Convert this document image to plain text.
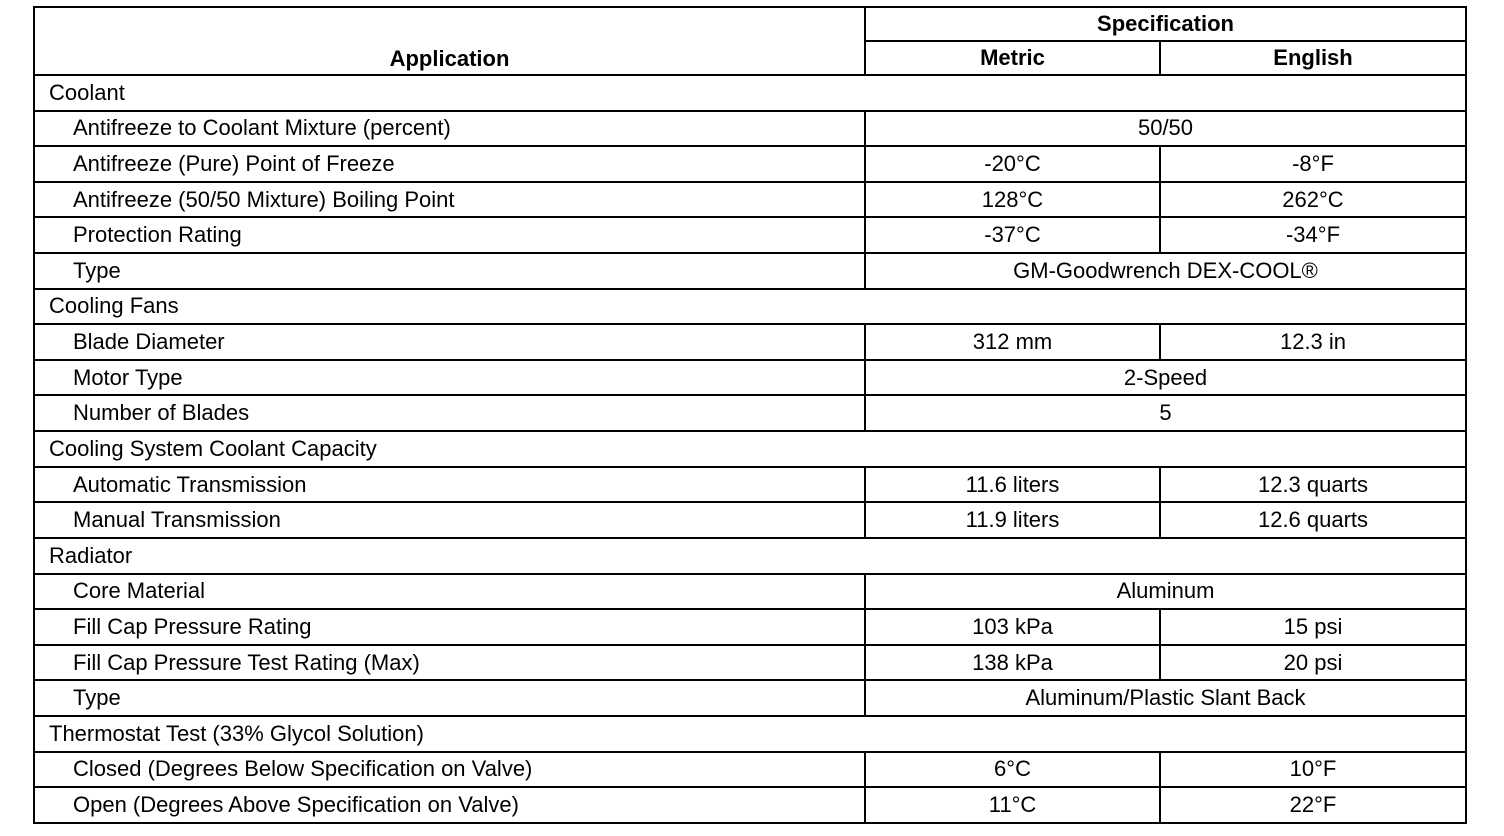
Application	Specification	
	Metric	English
Coolant		
Antifreeze to Coolant Mixture (percent)	50/50	
Antifreeze (Pure) Point of Freeze	-20°C	-8°F
Antifreeze (50/50 Mixture) Boiling Point	128°C	262°C
Protection Rating	-37°C	-34°F
Type	GM-Goodwrench DEX-COOL®	
Cooling Fans		
Blade Diameter	312 mm	12.3 in
Motor Type	2-Speed	
Number of Blades	5	
Cooling System Coolant Capacity		
Automatic Transmission	11.6 liters	12.3 quarts
Manual Transmission	11.9 liters	12.6 quarts
Radiator		
Core Material	Aluminum	
Fill Cap Pressure Rating	103 kPa	15 psi
Fill Cap Pressure Test Rating (Max)	138 kPa	20 psi
Type	Aluminum/Plastic Slant Back	
Thermostat Test (33% Glycol Solution)		
Closed (Degrees Below Specification on Valve)	6°C	10°F
Open (Degrees Above Specification on Valve)	11°C	22°F
